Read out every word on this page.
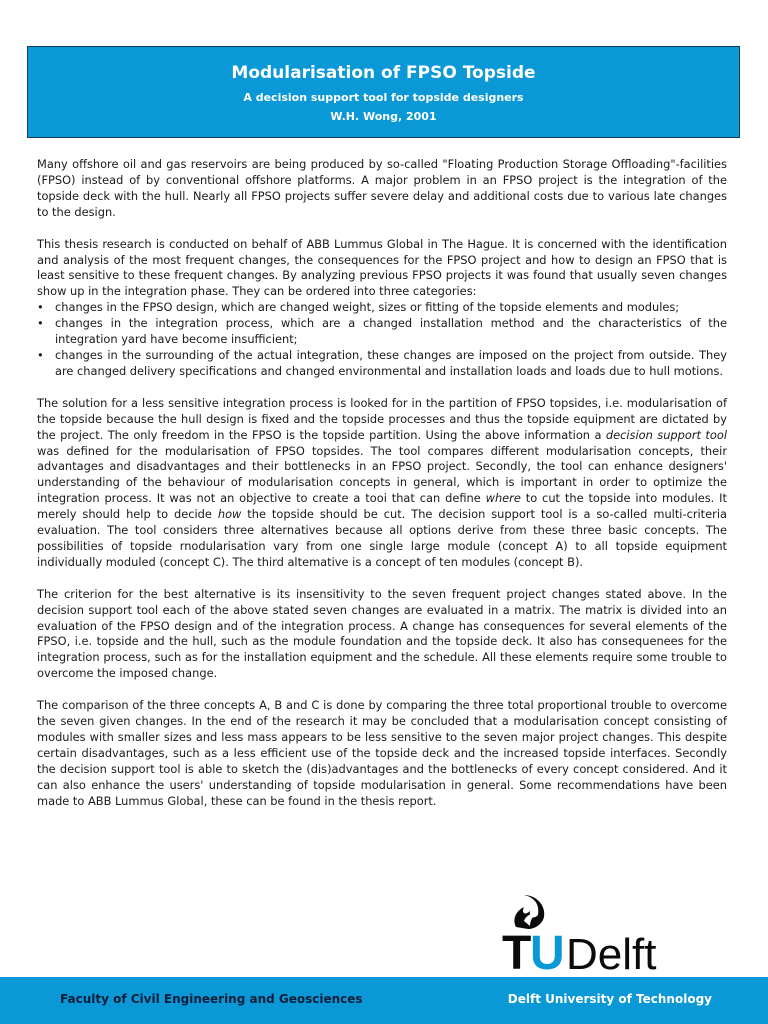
Modularisation of FPSO Topside
A decision support tool for topside designers
W.H. Wong, 2001

Many offshore oil and gas reservoirs are being produced by so-called "Floating Production Storage Offloading"-facilities (FPSO) instead of by conventional offshore platforms. A major problem in an FPSO project is the integration of the topside deck with the hull. Nearly all FPSO projects suffer severe delay and additional costs due to various late changes to the design.

This thesis research is conducted on behalf of ABB Lummus Global in The Hague. It is concerned with the identification and analysis of the most frequent changes, the consequences for the FPSO project and how to design an FPSO that is least sensitive to these frequent changes. By analyzing previous FPSO projects it was found that usually seven changes show up in the integration phase. They can be ordered into three categories:

• changes in the FPSO design, which are changed weight, sizes or fitting of the topside elements and modules;
• changes in the integration process, which are a changed installation method and the characteristics of the integration yard have become insufficient;
• changes in the surrounding of the actual integration, these changes are imposed on the project from outside. They are changed delivery specifications and changed environmental and installation loads and loads due to hull motions.

The solution for a less sensitive integration process is looked for in the partition of FPSO topsides, i.e. modularisation of the topside because the hull design is fixed and the topside processes and thus the topside equipment are dictated by the project. The only freedom in the FPSO is the topside partition. Using the above information a decision support tool was defined for the modularisation of FPSO topsides. The tool compares different modularisation concepts, their advantages and disadvantages and their bottlenecks in an FPSO project. Secondly, the tool can enhance designers' understanding of the behaviour of modularisation concepts in general, which is important in order to optimize the integration process. It was not an objective to create a tooi that can define where to cut the topside into modules. It merely should help to decide how the topside should be cut. The decision support tool is a so-called multi-criteria evaluation. The tool considers three alternatives because all options derive from these three basic concepts. The possibilities of topside rnodularisation vary from one single large module (concept A) to all topside equipment individually moduled (concept C). The third altemative is a concept of ten modules (concept B).

The criterion for the best alternative is its insensitivity to the seven frequent project changes stated above. In the decision support tool each of the above stated seven changes are evaluated in a matrix. The matrix is divided into an evaluation of the FPSO design and of the integration process. A change has consequences for several elements of the FPSO, i.e. topside and the hull, such as the module foundation and the topside deck. It also has consequenees for the integration process, such as for the installation equipment and the schedule. All these elements require some trouble to overcome the imposed change.

The comparison of the three concepts A, B and C is done by comparing the three total proportional trouble to overcome the seven given changes. In the end of the research it may be concluded that a modularisation concept consisting of modules with smaller sizes and less mass appears to be less sensitive to the seven major project changes. This despite certain disadvantages, such as a less efficient use of the topside deck and the increased topside interfaces. Secondly the decision support tool is able to sketch the (dis)advantages and the bottlenecks of every concept considered. And it can also enhance the users' understanding of topside modularisation in general. Some recommendations have been made to ABB Lummus Global, these can be found in the thesis report.

T
U Delft
Faculty of Civil Engineering and Geosciences	Delft University of Technology
